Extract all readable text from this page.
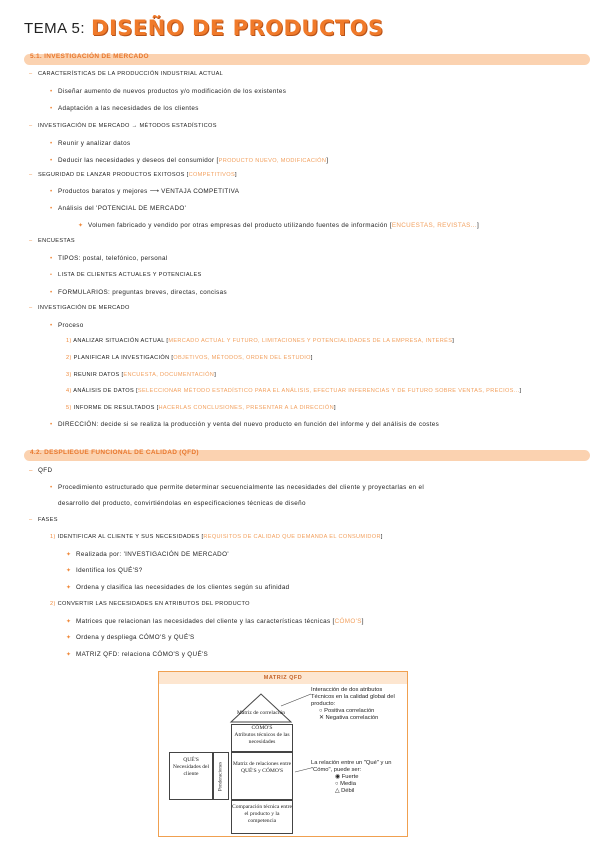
TEMA 5: DISEÑO DE PRODUCTOS
5.1. INVESTIGACIÓN DE MERCADO
– CARACTERÍSTICAS DE LA PRODUCCIÓN INDUSTRIAL ACTUAL
• Diseñar aumento de nuevos productos y/o modificación de los existentes
• Adaptación a las necesidades de los clientes
– INVESTIGACIÓN DE MERCADO → MÉTODOS ESTADÍSTICOS
• Reunir y analizar datos
• Deducir las necesidades y deseos del consumidor [PRODUCTO NUEVO, MODIFICACIÓN]
– SEGURIDAD DE LANZAR PRODUCTOS EXITOSOS [COMPETITIVOS]
• Productos baratos y mejores ⟶ VENTAJA COMPETITIVA
• Análisis del 'POTENCIAL DE MERCADO'
✦ Volumen fabricado y vendido por otras empresas del producto utilizando fuentes de información [ENCUESTAS, REVISTAS...]
– ENCUESTAS
• TIPOS: postal, telefónico, personal
• LISTA DE CLIENTES ACTUALES Y POTENCIALES
• FORMULARIOS: preguntas breves, directas, concisas
– INVESTIGACIÓN DE MERCADO
• Proceso
1) ANALIZAR SITUACIÓN ACTUAL [MERCADO ACTUAL Y FUTURO, LIMITACIONES Y POTENCIALIDADES DE LA EMPRESA, INTERÉS]
2) PLANIFICAR LA INVESTIGACIÓN [OBJETIVOS, MÉTODOS, ORDEN DEL ESTUDIO]
3) REUNIR DATOS [ENCUESTA, DOCUMENTACIÓN]
4) ANÁLISIS DE DATOS [SELECCIONAR MÉTODO ESTADÍSTICO PARA EL ANÁLISIS, EFECTUAR INFERENCIAS Y DE FUTURO SOBRE VENTAS, PRECIOS...]
5) INFORME DE RESULTADOS [HACERLAS CONCLUSIONES, PRESENTAR A LA DIRECCIÓN]
• DIRECCIÓN: decide si se realiza la producción y venta del nuevo producto en función del informe y del análisis de costes
4.2. DESPLIEGUE FUNCIONAL DE CALIDAD (QFD)
– QFD
• Procedimiento estructurado que permite determinar secuencialmente las necesidades del cliente y proyectarlas en el
desarrollo del producto, convirtiéndolas en especificaciones técnicas de diseño
– FASES
1) IDENTIFICAR AL CLIENTE Y SUS NECESIDADES [REQUISITOS DE CALIDAD QUE DEMANDA EL CONSUMIDOR]
✦ Realizada por: 'INVESTIGACIÓN DE MERCADO'
✦ Identifica los QUÉ'S?
✦ Ordena y clasifica las necesidades de los clientes según su afinidad
2) CONVERTIR LAS NECESIDADES EN ATRIBUTOS DEL PRODUCTO
✦ Matrices que relacionan las necesidades del cliente y las características técnicas [CÓMO'S]
✦ Ordena y despliega CÓMO'S y QUÉ'S
✦ MATRIZ QFD: relaciona CÓMO'S y QUÉ'S
MATRIZ QFD
Matriz de correlación
CÓMO'S
Atributos técnicos de las necesidades
QUÉ'S
Necesidades del cliente	Ponderaciones Matriz de relaciones entre QUÉ'S y CÓMO'S
Comparación técnica entre el producto y la competencia
Interacción de dos atributos Técnicos en la calidad global del producto:
○ Positiva correlación
✕ Negativa correlación
La relación entre un "Qué" y un "Cómo", puede ser:
◉ Fuerte
○ Media
△ Débil
